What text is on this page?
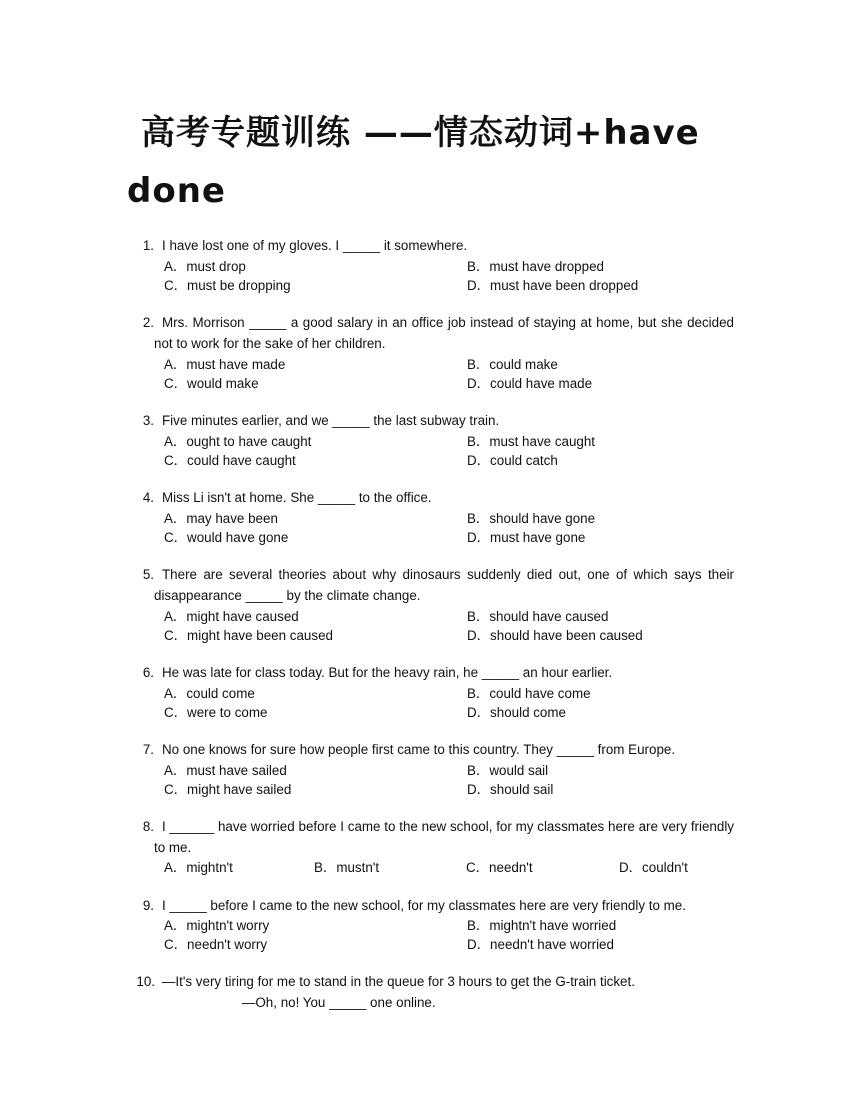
高考专题训练 ——情态动词+have done
1. I have lost one of my gloves. I _____ it somewhere.
A．must drop	B．must have dropped
C．must be dropping	D．must have been dropped
2. Mrs. Morrison _____ a good salary in an office job instead of staying at home, but she decided not to work for the sake of her children.
A．must have made	B．could make
C．would make	D．could have made
3. Five minutes earlier, and we _____ the last subway train.
A．ought to have caught	B．must have caught
C．could have caught	D．could catch
4. Miss Li isn't at home. She _____ to the office.
A．may have been	B．should have gone
C．would have gone	D．must have gone
5. There are several theories about why dinosaurs suddenly died out, one of which says their disappearance _____ by the climate change.
A．might have caused	B．should have caused
C．might have been caused	D．should have been caused
6. He was late for class today. But for the heavy rain, he _____ an hour earlier.
A．could come	B．could have come
C．were to come	D．should come
7. No one knows for sure how people first came to this country. They _____ from Europe.
A．must have sailed	B．would sail
C．might have sailed	D．should sail
8. I ______ have worried before I came to the new school, for my classmates here are very friendly to me.
A．mightn't	B．mustn't	C．needn't	D．couldn't
9. I _____ before I came to the new school, for my classmates here are very friendly to me.
A．mightn't worry	B．mightn't have worried
C．needn't worry	D．needn't have worried
10. —It's very tiring for me to stand in the queue for 3 hours to get the G-train ticket.
—Oh, no! You _____ one online.
